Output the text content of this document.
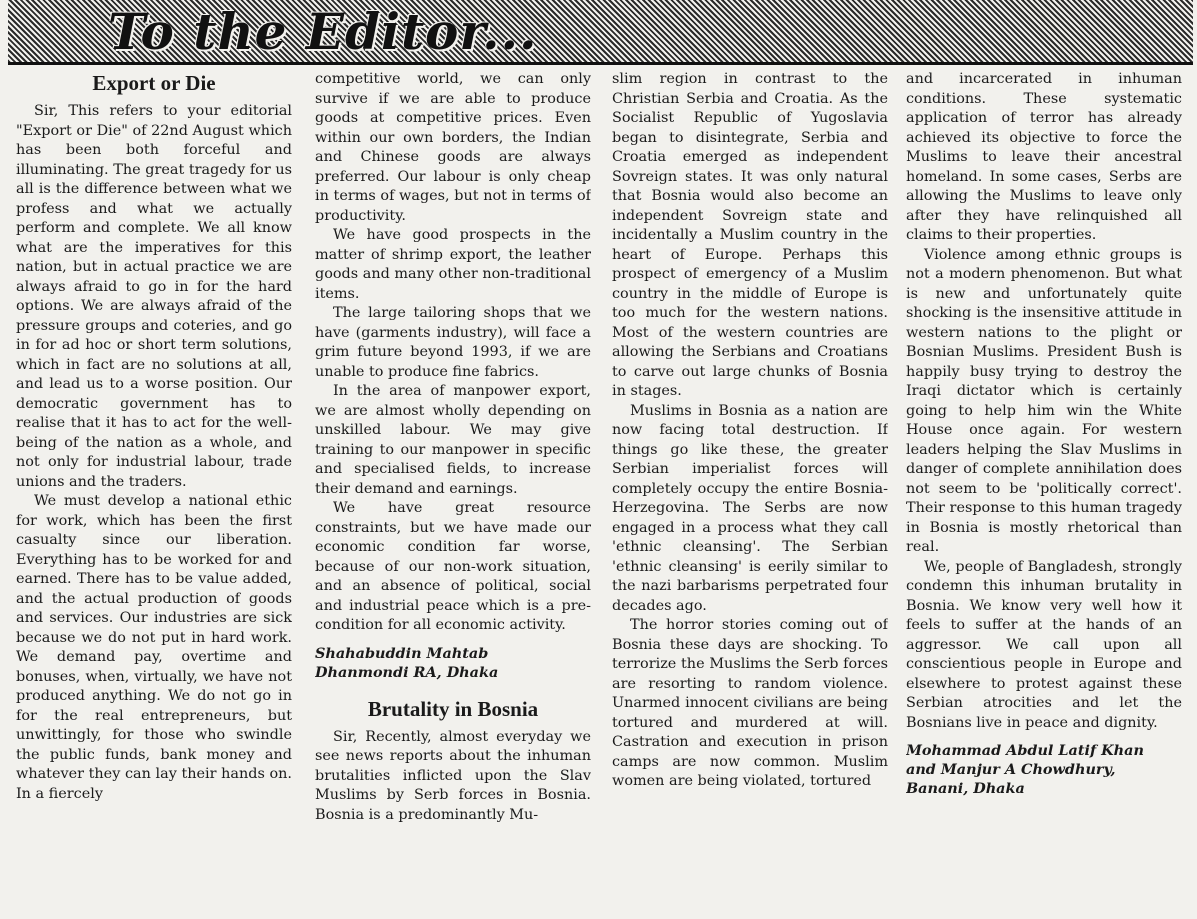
To the Editor...
Export or Die

Sir, This refers to your editorial "Export or Die" of 22nd August which has been both forceful and illuminating. The great tragedy for us all is the difference between what we profess and what we actually perform and complete. We all know what are the imperatives for this nation, but in actual practice we are always afraid to go in for the hard options. We are always afraid of the pressure groups and coteries, and go in for ad hoc or short term solutions, which in fact are no solutions at all, and lead us to a worse position. Our democratic government has to realise that it has to act for the well-being of the nation as a whole, and not only for industrial labour, trade unions and the traders.

We must develop a national ethic for work, which has been the first casualty since our liberation. Everything has to be worked for and earned. There has to be value added, and the actual production of goods and services. Our industries are sick because we do not put in hard work. We demand pay, overtime and bonuses, when, virtually, we have not produced anything. We do not go in for the real entrepreneurs, but unwittingly, for those who swindle the public funds, bank money and whatever they can lay their hands on. In a fiercely

competitive world, we can only survive if we are able to produce goods at competitive prices. Even within our own borders, the Indian and Chinese goods are always preferred. Our labour is only cheap in terms of wages, but not in terms of productivity.

We have good prospects in the matter of shrimp export, the leather goods and many other non-traditional items.

The large tailoring shops that we have (garments industry), will face a grim future beyond 1993, if we are unable to produce fine fabrics.

In the area of manpower export, we are almost wholly depending on unskilled labour. We may give training to our manpower in specific and specialised fields, to increase their demand and earnings.

We have great resource constraints, but we have made our economic condition far worse, because of our non-work situation, and an absence of political, social and industrial peace which is a pre-condition for all economic activity.

Shahabuddin Mahtab
Dhanmondi RA, Dhaka
Brutality in Bosnia

Sir, Recently, almost everyday we see news reports about the inhuman brutalities inflicted upon the Slav Muslims by Serb forces in Bosnia. Bosnia is a predominantly Mu-

slim region in contrast to the Christian Serbia and Croatia. As the Socialist Republic of Yugoslavia began to disintegrate, Serbia and Croatia emerged as independent Sovreign states. It was only natural that Bosnia would also become an independent Sovreign state and incidentally a Muslim country in the heart of Europe. Perhaps this prospect of emergency of a Muslim country in the middle of Europe is too much for the western nations. Most of the western countries are allowing the Serbians and Croatians to carve out large chunks of Bosnia in stages.

Muslims in Bosnia as a nation are now facing total destruction. If things go like these, the greater Serbian imperialist forces will completely occupy the entire Bosnia-Herzegovina. The Serbs are now engaged in a process what they call 'ethnic cleansing'. The Serbian 'ethnic cleansing' is eerily similar to the nazi barbarisms perpetrated four decades ago.

The horror stories coming out of Bosnia these days are shocking. To terrorize the Muslims the Serb forces are resorting to random violence. Unarmed innocent civilians are being tortured and murdered at will. Castration and execution in prison camps are now common. Muslim women are being violated, tortured

and incarcerated in inhuman conditions. These systematic application of terror has already achieved its objective to force the Muslims to leave their ancestral homeland. In some cases, Serbs are allowing the Muslims to leave only after they have relinquished all claims to their properties.

Violence among ethnic groups is not a modern phenomenon. But what is new and unfortunately quite shocking is the insensitive attitude in western nations to the plight or Bosnian Muslims. President Bush is happily busy trying to destroy the Iraqi dictator which is certainly going to help him win the White House once again. For western leaders helping the Slav Muslims in danger of complete annihilation does not seem to be 'politically correct'. Their response to this human tragedy in Bosnia is mostly rhetorical than real.

We, people of Bangladesh, strongly condemn this inhuman brutality in Bosnia. We know very well how it feels to suffer at the hands of an aggressor. We call upon all conscientious people in Europe and elsewhere to protest against these Serbian atrocities and let the Bosnians live in peace and dignity.

Mohammad Abdul Latif Khan
and Manjur A Chowdhury,
Banani, Dhaka
